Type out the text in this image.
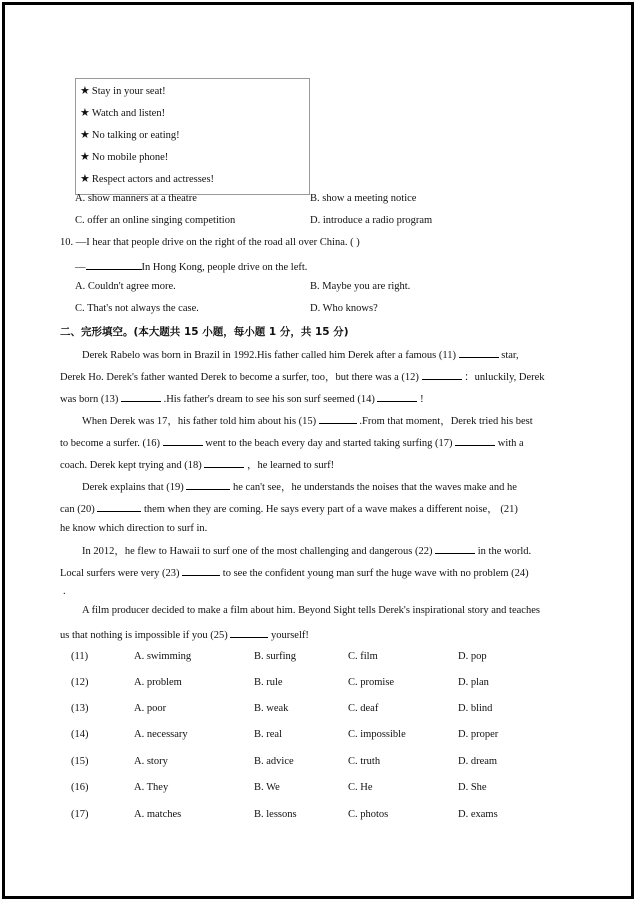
★ Stay in your seat!
★ Watch and listen!
★ No talking or eating!
★ No mobile phone!
★ Respect actors and actresses!
A. show manners at a theatre	B. show a meeting notice
C. offer an online singing competition	D. introduce a radio program
10. —I hear that people drive on the right of the road all over China. ( )
—	In Hong Kong, people drive on the left.
A. Couldn't agree more.	B. Maybe you are right.
C. That's not always the case.	D. Who knows?
二、完形填空。(本大题共 15 小题，每小题 1 分，共 15 分)
Derek Rabelo was born in Brazil in 1992.His father called him Derek after a famous (11)	star,
Derek Ho. Derek's father wanted Derek to become a surfer, too，but there was a (12)	：unluckily, Derek
was born (13)	.His father's dream to see his son surf seemed (14)	!
When Derek was 17，his father told him about his (15)	.From that moment，Derek tried his best
to become a surfer. (16)	went to the beach every day and started taking surfing (17)	with a
coach. Derek kept trying and (18)	，he learned to surf!
Derek explains that (19)	he can't see，he understands the noises that the waves make and he
can (20)	them when they are coming. He says every part of a wave makes a different noise， (21)
he know which direction to surf in.
In 2012，he flew to Hawaii to surf one of the most challenging and dangerous (22)	in the world.
Local surfers were very (23)	to see the confident young man surf the huge wave with no problem (24)
.
A film producer decided to make a film about him. Beyond Sight tells Derek's inspirational story and teaches
us that nothing is impossible if you (25)	yourself!
(11)	A. swimming	B. surfing	C. film	D. pop
(12)	A. problem	B. rule	C. promise	D. plan
(13)	A. poor	B. weak	C. deaf	D. blind
(14)	A. necessary	B. real	C. impossible	D. proper
(15)	A. story	B. advice	C. truth	D. dream
(16)	A. They	B. We	C. He	D. She
(17)	A. matches	B. lessons	C. photos	D. exams
